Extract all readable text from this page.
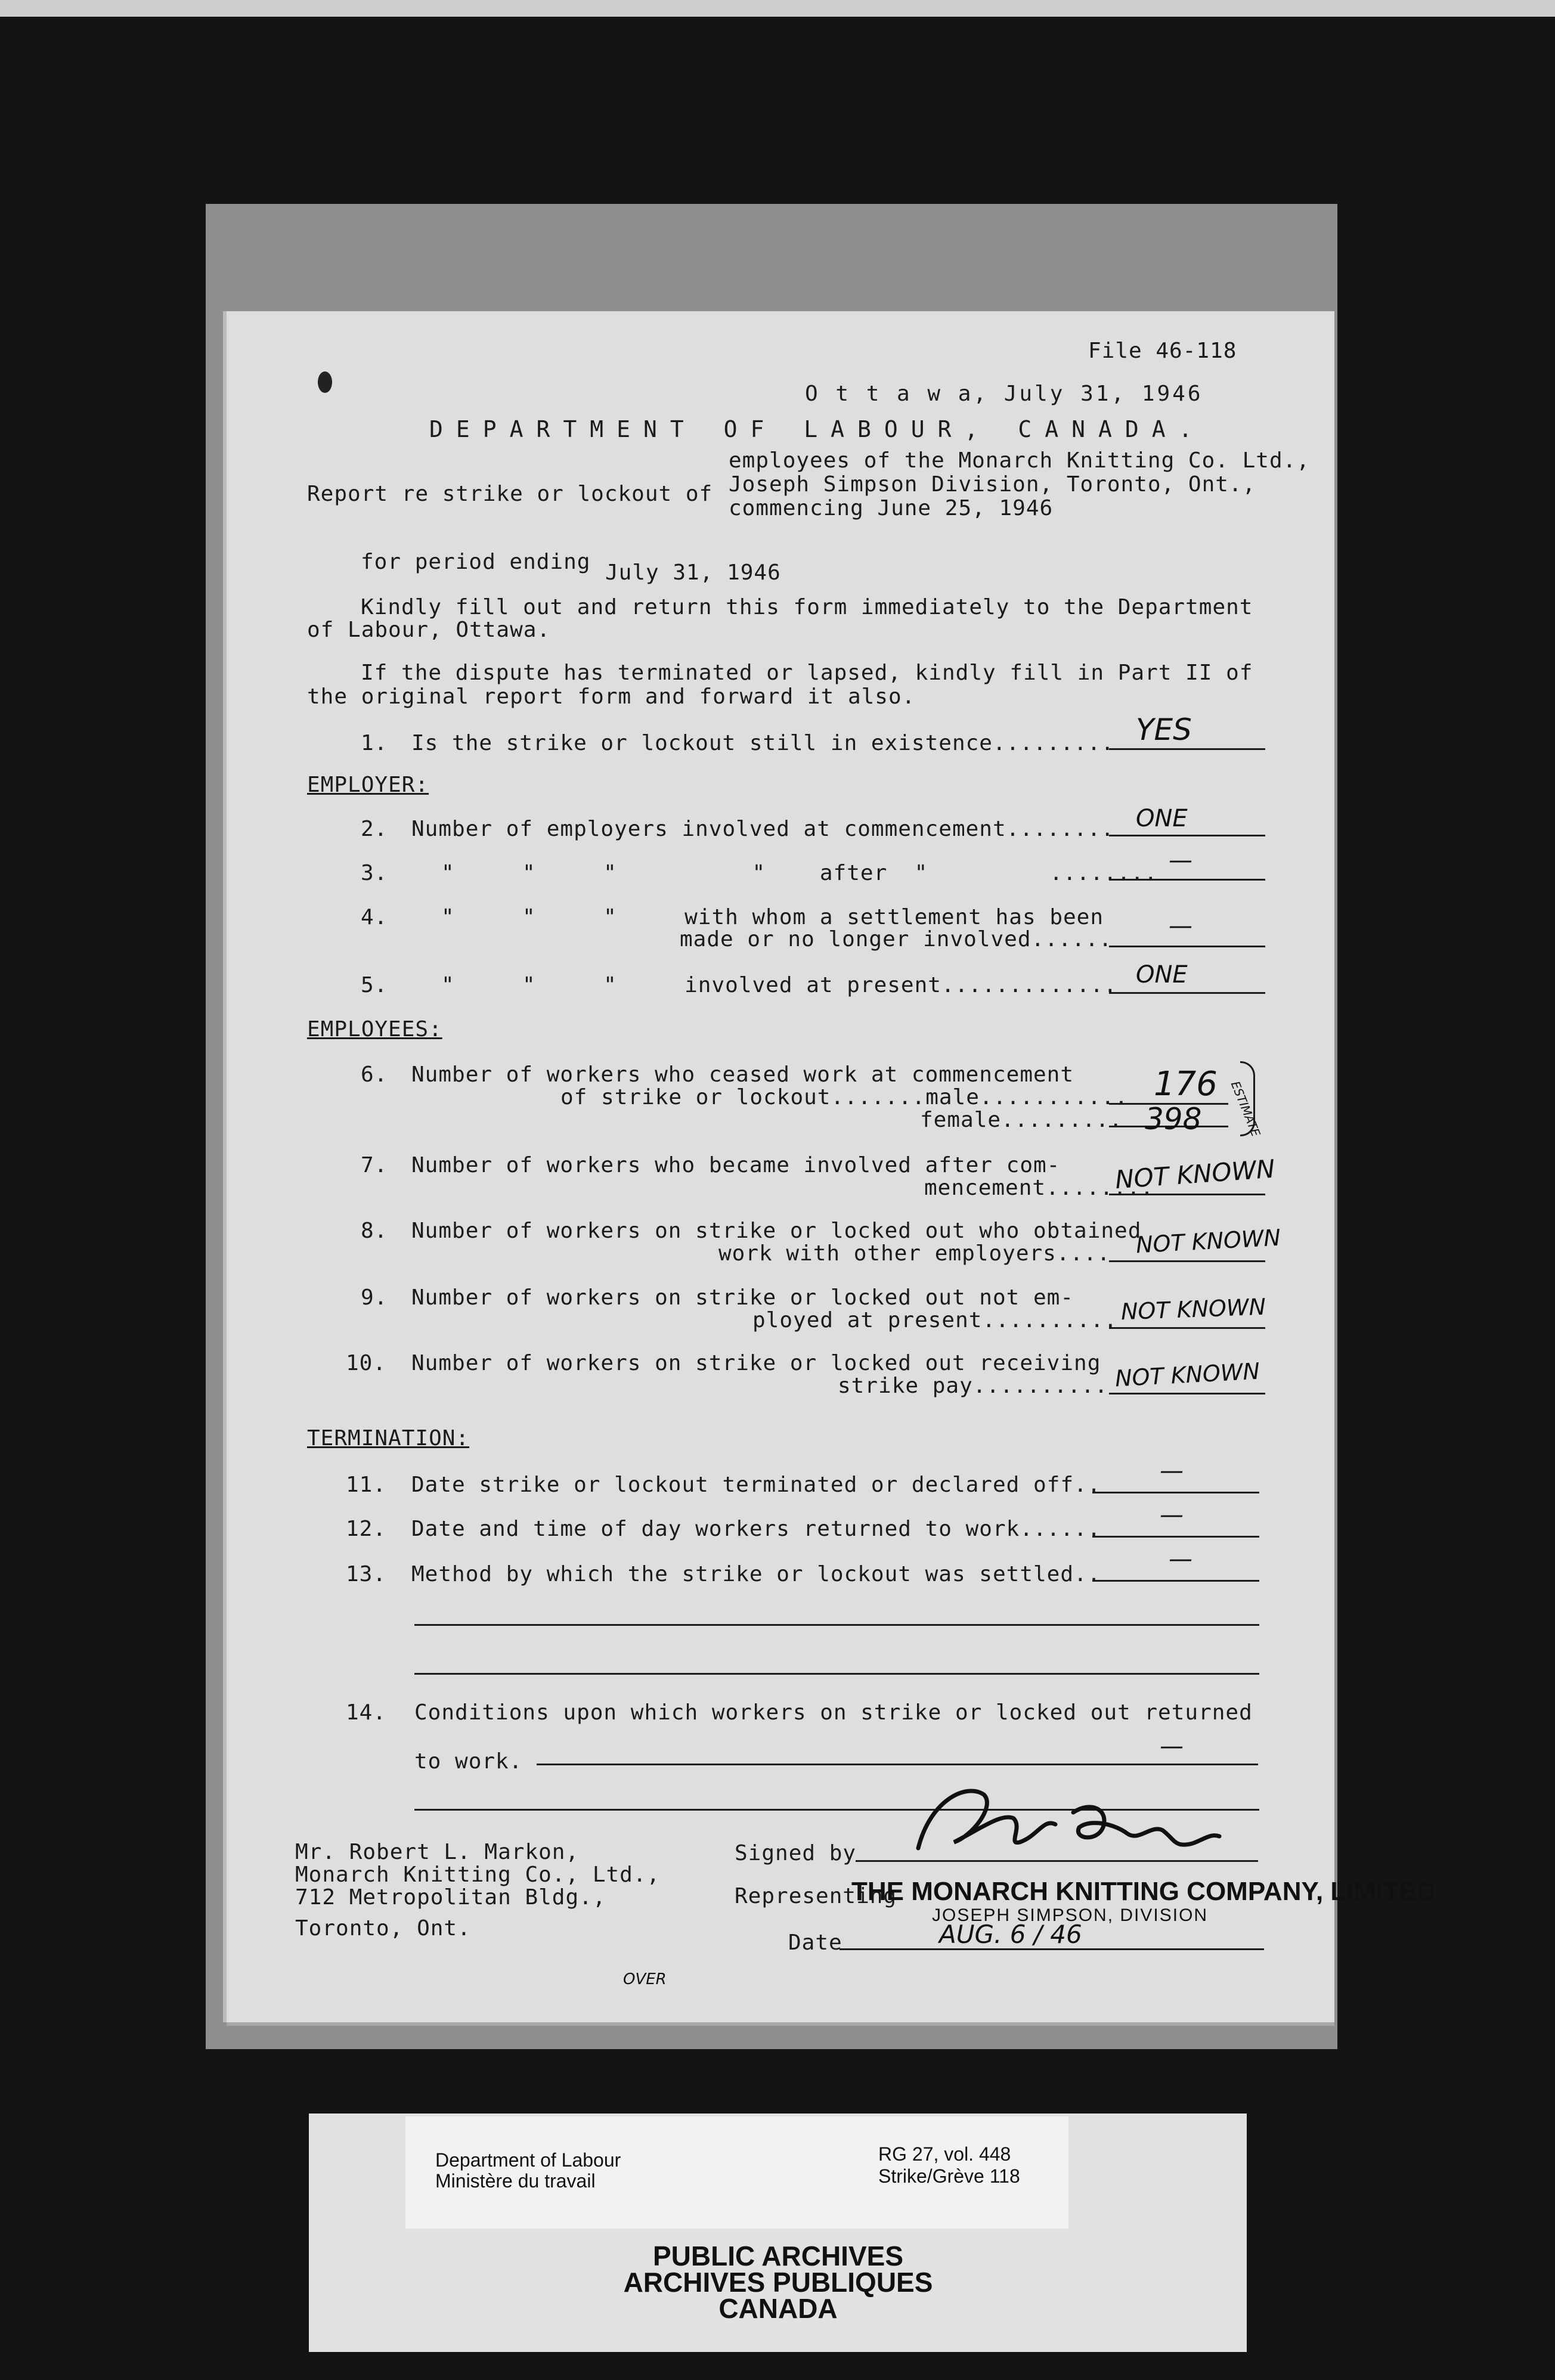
File 46-118
O t t a w a, July 31, 1946
DEPARTMENT OF LABOUR, CANADA.
employees of the Monarch Knitting Co. Ltd.,
Report re strike or lockout of Joseph Simpson Division, Toronto, Ont.,
commencing June 25, 1946
for period ending July 31, 1946
Kindly fill out and return this form immediately to the Department
of Labour, Ottawa.
If the dispute has terminated or lapsed, kindly fill in Part II of
the original report form and forward it also.
1. Is the strike or lockout still in existence......... YES
EMPLOYER:
2. Number of employers involved at commencement........ ONE
3. "     "     "          "    after  "         ........ —
4. "     "     "     with whom a settlement has been
made or no longer involved...... —
5. "     "     "     involved at present............. ONE
EMPLOYEES:
6. Number of workers who ceased work at commencement
of strike or lockout.......male...........
female.........
176
398 ESTIMATE
7. Number of workers who became involved after com-
mencement........
NOT KNOWN
8. Number of workers on strike or locked out who obtained
work with other employers.... NOT KNOWN
9. Number of workers on strike or locked out not em-
ployed at present.......... NOT KNOWN
10. Number of workers on strike or locked out receiving
strike pay.......... NOT KNOWN
TERMINATION:
11. Date strike or lockout terminated or declared off..
—
12. Date and time of day workers returned to work......
—
13. Method by which the strike or lockout was settled..
—
14. Conditions upon which workers on strike or locked out returned
to work.
—
Mr. Robert L. Markon,
Monarch Knitting Co., Ltd.,
712 Metropolitan Bldg.,
Toronto, Ont.
Signed by
Representing
THE MONARCH KNITTING COMPANY, LIMITED
JOSEPH SIMPSON, DIVISION
Date	AUG. 6 / 46
OVER
Department of Labour
Ministère du travail
RG 27, vol. 448
Strike/Grève 118
PUBLIC ARCHIVES
ARCHIVES PUBLIQUES
CANADA
